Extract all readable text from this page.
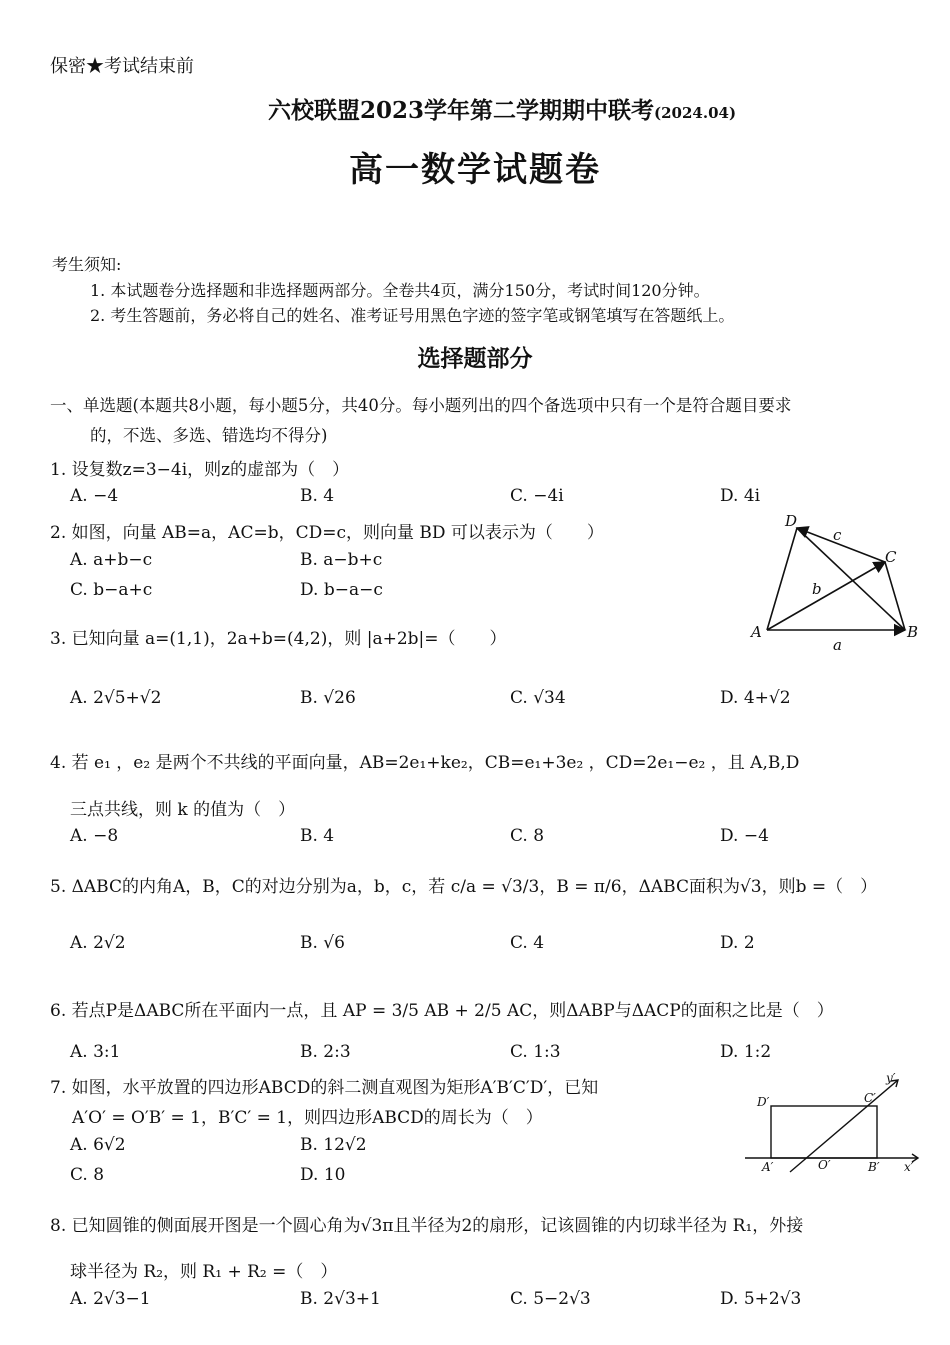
保密★考试结束前
六校联盟2023学年第二学期期中联考(2024.04)
高一数学试题卷
考生须知:
1. 本试题卷分选择题和非选择题两部分。全卷共4页，满分150分，考试时间120分钟。
2. 考生答题前，务必将自己的姓名、准考证号用黑色字迹的签字笔或钢笔填写在答题纸上。
选择题部分
一、单选题(本题共8小题，每小题5分，共40分。每小题列出的四个备选项中只有一个是符合题目要求
的，不选、多选、错选均不得分)
1. 设复数z=3−4i，则z的虚部为（　）
A. −4	B. 4	C. −4i	D. 4i
2. 如图，向量 AB=a，AC=b，CD=c，则向量 BD 可以表示为（　　）
A. a+b−c	B. a−b+c
C. b−a+c	D. b−a−c
D
C
A	B
c
b
a
3. 已知向量 a=(1,1)，2a+b=(4,2)，则 |a+2b|=（　　）
A. 2√5+√2	B. √26	C. √34	D. 4+√2
4. 若 e₁ ，e₂ 是两个不共线的平面向量，AB=2e₁+ke₂，CB=e₁+3e₂ ，CD=2e₁−e₂ ，且 A,B,D
三点共线，则 k 的值为（　）
A. −8	B. 4	C. 8	D. −4
5. ΔABC的内角A，B，C的对边分别为a，b，c，若 c/a = √3/3，B = π/6，ΔABC面积为√3，则b =（　）
A. 2√2	B. √6	C. 4	D. 2
6. 若点P是ΔABC所在平面内一点，且 AP = 3/5 AB + 2/5 AC，则ΔABP与ΔACP的面积之比是（　）
A. 3:1	B. 2:3	C. 1:3	D. 1:2
7. 如图，水平放置的四边形ABCD的斜二测直观图为矩形A′B′C′D′，已知
A′O′ = O′B′ = 1，B′C′ = 1，则四边形ABCD的周长为（　）
A. 6√2	B. 12√2
C. 8	D. 10
D′	C′
A′	O′	B′ x′
y′
8. 已知圆锥的侧面展开图是一个圆心角为√3π且半径为2的扇形，记该圆锥的内切球半径为 R₁，外接
球半径为 R₂，则 R₁ + R₂ =（　）
A. 2√3−1	B. 2√3+1	C. 5−2√3	D. 5+2√3
